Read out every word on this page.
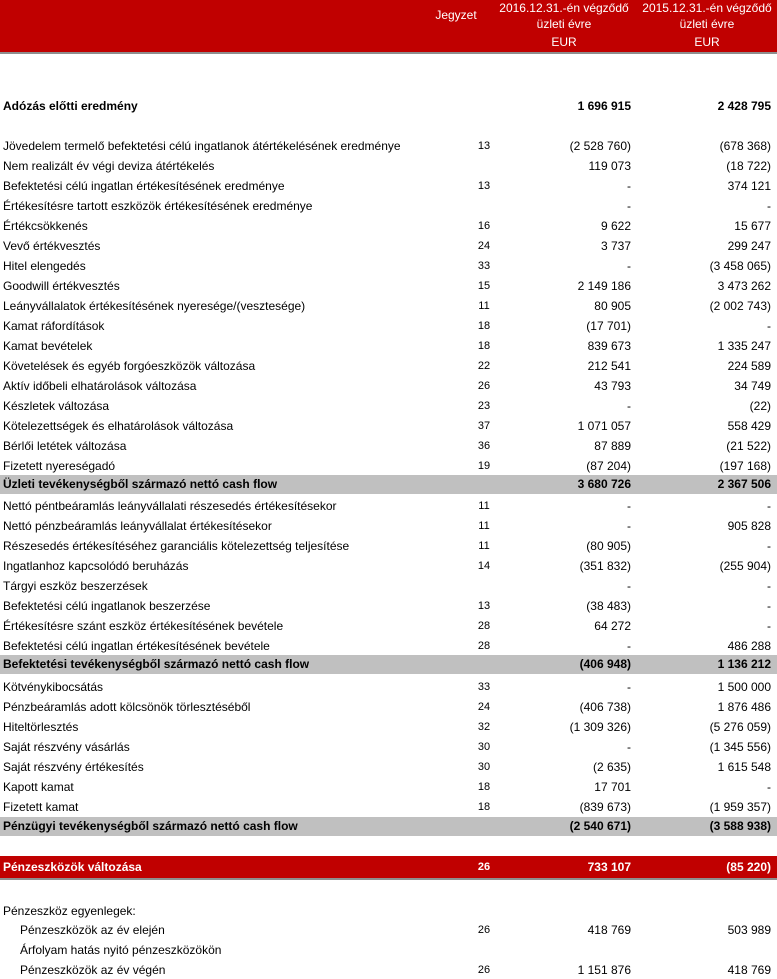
Jegyzet	2016.12.31.-én végződő
üzleti évre
EUR
2015.12.31.-én végződő
üzleti évre
EUR
Adózás előtti eredmény	1 696 915	2 428 795
Jövedelem termelő befektetési célú ingatlanok átértékelésének eredménye	13	(2 528 760)	(678 368)
Nem realizált év végi deviza átértékelés	119 073	(18 722)
Befektetési célú ingatlan értékesítésének eredménye	13	-	374 121
Értékesítésre tartott eszközök értékesítésének eredménye	-	-
Értékcsökkenés	16	9 622	15 677
Vevő értékvesztés	24	3 737	299 247
Hitel elengedés	33	-	(3 458 065)
Goodwill értékvesztés	15	2 149 186	3 473 262
Leányvállalatok értékesítésének nyeresége/(vesztesége)	11	80 905	(2 002 743)
Kamat ráfordítások	18	(17 701)	-
Kamat bevételek	18	839 673	1 335 247
Követelések és egyéb forgóeszközök változása	22	212 541	224 589
Aktív időbeli elhatárolások változása	26	43 793	34 749
Készletek változása	23	-	(22)
Kötelezettségek és elhatárolások változása	37	1 071 057	558 429
Bérlői letétek változása	36	87 889	(21 522)
Fizetett nyereségadó	19	(87 204)	(197 168)
Üzleti tevékenységből származó nettó cash flow	3 680 726	2 367 506
Nettó péntbeáramlás leányvállalati részesedés értékesítésekor	11	-	-
Nettó pénzbeáramlás leányvállalat értékesítésekor	11	-	905 828
Részesedés értékesítéséhez garanciális kötelezettség teljesítése	11	(80 905)	-
Ingatlanhoz kapcsolódó beruházás	14	(351 832)	(255 904)
Tárgyi eszköz beszerzések	-	-
Befektetési célú ingatlanok beszerzése	13	(38 483)	-
Értékesítésre szánt eszköz értékesítésének bevétele	28	64 272	-
Befektetési célú ingatlan értékesítésének bevétele	28	-	486 288
Befektetési tevékenységből származó nettó cash flow	(406 948)	1 136 212
Kötvénykibocsátás	33	-	1 500 000
Pénzbeáramlás adott kölcsönök törlesztéséből	24	(406 738)	1 876 486
Hiteltörlesztés	32	(1 309 326)	(5 276 059)
Saját részvény vásárlás	30	-	(1 345 556)
Saját részvény értékesítés	30	(2 635)	1 615 548
Kapott kamat	18	17 701	-
Fizetett kamat	18	(839 673)	(1 959 357)
Pénzügyi tevékenységből származó nettó cash flow	(2 540 671)	(3 588 938)
Pénzeszközök változása	26	733 107	(85 220)
Pénzeszköz egyenlegek:
Pénzeszközök az év elején	26	418 769	503 989
Árfolyam hatás nyitó pénzeszközökön
Pénzeszközök az év végén	26	1 151 876	418 769
